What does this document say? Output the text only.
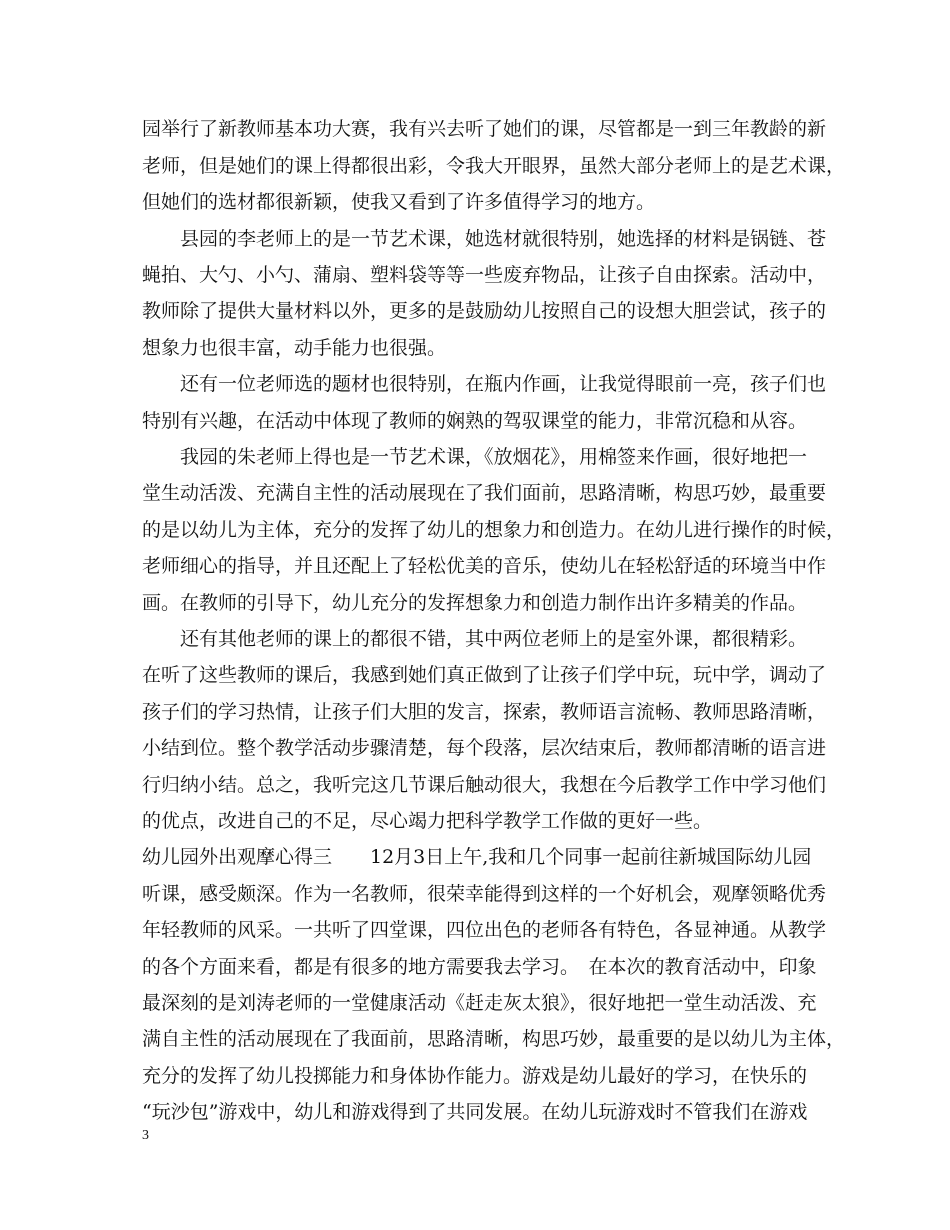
园举行了新教师基本功大赛，我有兴去听了她们的课，尽管都是一到三年教龄的新
老师，但是她们的课上得都很出彩，令我大开眼界，虽然大部分老师上的是艺术课，
但她们的选材都很新颖，使我又看到了许多值得学习的地方。
　　县园的李老师上的是一节艺术课，她选材就很特别，她选择的材料是锅链、苍
蝇拍、大勺、小勺、蒲扇、塑料袋等等一些废弃物品，让孩子自由探索。活动中，
教师除了提供大量材料以外，更多的是鼓励幼儿按照自己的设想大胆尝试，孩子的
想象力也很丰富，动手能力也很强。
　　还有一位老师选的题材也很特别，在瓶内作画，让我觉得眼前一亮，孩子们也
特别有兴趣，在活动中体现了教师的娴熟的驾驭课堂的能力，非常沉稳和从容。
　　我园的朱老师上得也是一节艺术课，《放烟花》，用棉签来作画，很好地把一
堂生动活泼、充满自主性的活动展现在了我们面前，思路清晰，构思巧妙，最重要
的是以幼儿为主体，充分的发挥了幼儿的想象力和创造力。在幼儿进行操作的时候，
老师细心的指导，并且还配上了轻松优美的音乐，使幼儿在轻松舒适的环境当中作
画。在教师的引导下，幼儿充分的发挥想象力和创造力制作出许多精美的作品。
　　还有其他老师的课上的都很不错，其中两位老师上的是室外课，都很精彩。
在听了这些教师的课后，我感到她们真正做到了让孩子们学中玩，玩中学，调动了
孩子们的学习热情，让孩子们大胆的发言，探索，教师语言流畅、教师思路清晰，
小结到位。整个教学活动步骤清楚，每个段落，层次结束后，教师都清晰的语言进
行归纳小结。总之，我听完这几节课后触动很大，我想在今后教学工作中学习他们
的优点，改进自己的不足，尽心竭力把科学教学工作做的更好一些。
幼儿园外出观摩心得三　　12月3日上午,我和几个同事一起前往新城国际幼儿园
听课，感受颇深。作为一名教师，很荣幸能得到这样的一个好机会，观摩领略优秀
年轻教师的风采。一共听了四堂课，四位出色的老师各有特色，各显神通。从教学
的各个方面来看，都是有很多的地方需要我去学习。　在本次的教育活动中，印象
最深刻的是刘涛老师的一堂健康活动《赶走灰太狼》，很好地把一堂生动活泼、充
满自主性的活动展现在了我面前，思路清晰，构思巧妙，最重要的是以幼儿为主体，
充分的发挥了幼儿投掷能力和身体协作能力。游戏是幼儿最好的学习，在快乐的
“玩沙包”游戏中，幼儿和游戏得到了共同发展。在幼儿玩游戏时不管我们在游戏
3
